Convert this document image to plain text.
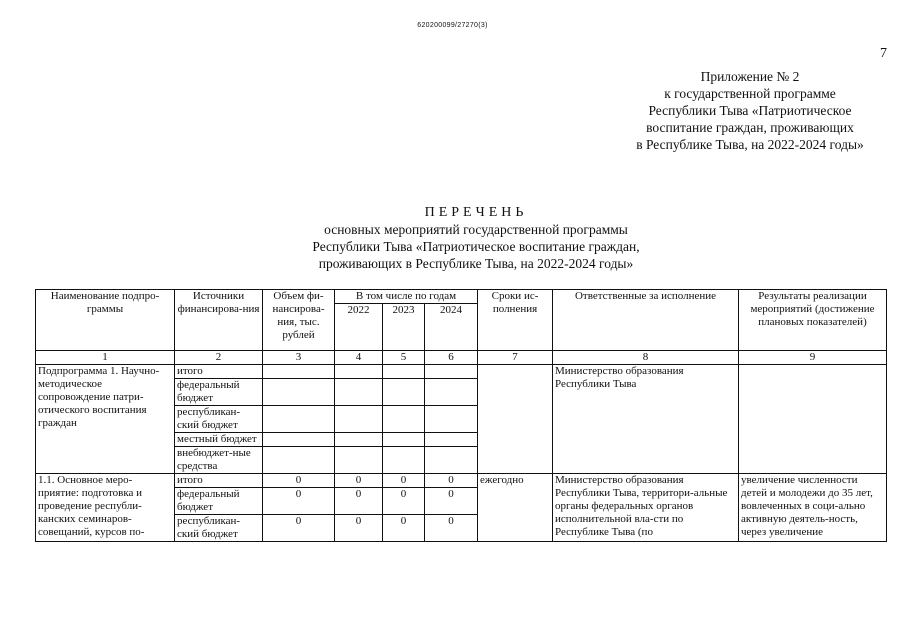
620200099/27270(3)
7
Приложение № 2
к государственной программе
Республики Тыва «Патриотическое
воспитание граждан, проживающих
в Республике Тыва, на 2022-2024 годы»
ПЕРЕЧЕНЬ
основных мероприятий государственной программы
Республики Тыва «Патриотическое воспитание граждан,
проживающих в Республике Тыва, на 2022-2024 годы»
Наименование подпро-граммы	Источники финансирова-ния	Объем фи-нансирова-ния, тыс. рублей	В том числе по годам			Сроки ис-полнения	Ответственные за исполнение	Результаты реализации мероприятий (достижение плановых показателей)
			2022	2023	2024			
1	2	3	4	5	6	7	8	9
Подпрограмма 1. Научно-методическое сопровождение патри-отического воспитания граждан	итого						Министерство образования Республики Тыва	
	федеральный бюджет							
	республикан-ский бюджет							
	местный бюджет							
	внебюджет-ные средства							
1.1. Основное меро-приятие: подготовка и проведение республи-канских семинаров-совещаний, курсов по-	итого	0	0	0	0	ежегодно	Министерство образования Республики Тыва, территори-альные органы федеральных органов исполнительной вла-сти по Республике Тыва (по	увеличение численности детей и молодежи до 35 лет, вовлеченных в соци-ально активную деятель-ность, через увеличение
	федеральный бюджет	0	0	0	0			
	республикан-ский бюджет	0	0	0	0			
